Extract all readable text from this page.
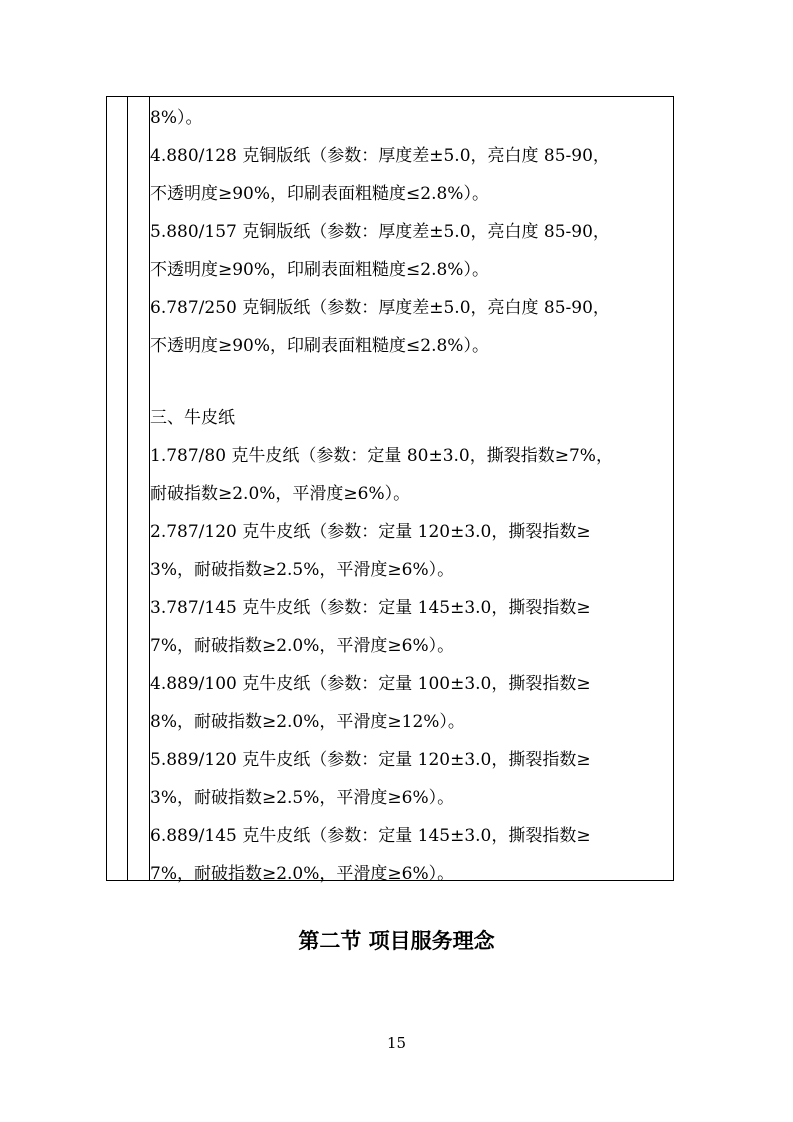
8%）。
4.880/128 克铜版纸（参数：厚度差±5.0，亮白度 85-90，
不透明度≥90%，印刷表面粗糙度≤2.8%）。
5.880/157 克铜版纸（参数：厚度差±5.0，亮白度 85-90，
不透明度≥90%，印刷表面粗糙度≤2.8%）。
6.787/250 克铜版纸（参数：厚度差±5.0，亮白度 85-90，
不透明度≥90%，印刷表面粗糙度≤2.8%）。
三、牛皮纸
1.787/80 克牛皮纸（参数：定量 80±3.0，撕裂指数≥7%，
耐破指数≥2.0%，平滑度≥6%）。
2.787/120 克牛皮纸（参数：定量 120±3.0，撕裂指数≥
3%，耐破指数≥2.5%，平滑度≥6%）。
3.787/145 克牛皮纸（参数：定量 145±3.0，撕裂指数≥
7%，耐破指数≥2.0%，平滑度≥6%）。
4.889/100 克牛皮纸（参数：定量 100±3.0，撕裂指数≥
8%，耐破指数≥2.0%，平滑度≥12%）。
5.889/120 克牛皮纸（参数：定量 120±3.0，撕裂指数≥
3%，耐破指数≥2.5%，平滑度≥6%）。
6.889/145 克牛皮纸（参数：定量 145±3.0，撕裂指数≥
7%，耐破指数≥2.0%，平滑度≥6%）。
第二节 项目服务理念
15
